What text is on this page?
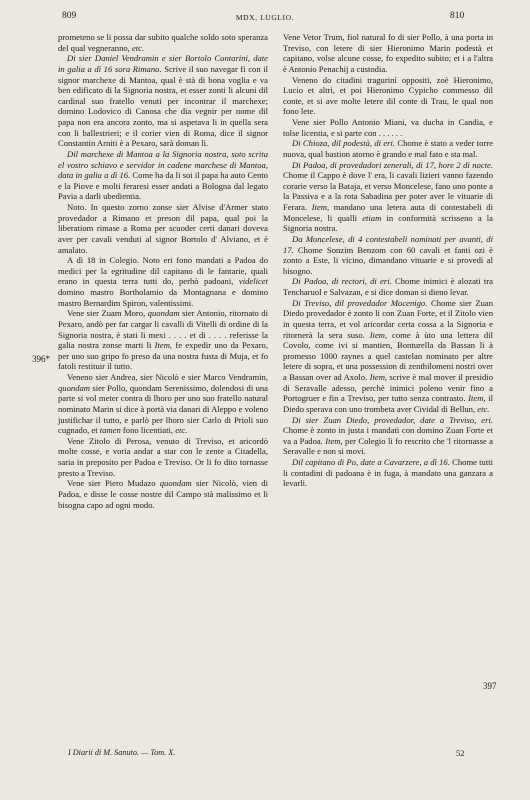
809	MDX, LUGLIO.	810

prometeno se li possa dar subito qualche soldo soto speranza del qual vegneranno, etc.

Di sier Daniel Vendramin e sier Bortolo Contarini, date in galia a dì 16 sora Rimano. Scrive il suo navegar fi con il signor marchexe di Mantoa, qual è stà di bona voglia e va ben edificato di la Signoria nostra, et esser zonti li alcuni dil cardinal suo fratello venuti per incontrar il marchexe; domino Lodovico di Canosa che dia vegnir per nome dil papa non era ancora zonto, ma si aspetava li in quella sera con li ballestrieri; e il corier vien di Roma, dice il signor Constantin Arniti è a Pexaro, sarà doman lì.

Dil marchexe di Mantoa a la Signoria nostra, soto scrita el vostro schiavo e servidor in cadene marchese di Mantoa, data in galia a dì 16. Come ha da li soi il papa ha auto Cento e la Piove e molti feraresi esser andati a Bologna dal legato Pavia a darli ubedientia.

Noto. In questo zorno zonse sier Alvise d'Armer stato provedador a Rimano et preson dil papa, qual poi la liberatiom rimase a Roma per scuoder certi danari doveva aver per cavali venduti al signor Bortolo d' Alviano, et è amalato.

A dì 18 in Colegio. Noto eri fono mandati a Padoa do medici per la egritudine dil capitano di le fantarie, quali erano in questa terra tutti do, perhò padoani, videlicet domino mastro Bortholamio da Montagnana e domino mastro Bernardim Spiron, valentissimi.

Vene sier Zuam Moro, quondam sier Antonio, ritornato di Pexaro, andò per far cargar li cavalli di Vitelli di ordine di la Signoria nostra, è stati li mexi . . . . et di . . . . referisse la galia nostra zonse marti li Item, fe expedir uno da Pexaro, per uno suo gripo fo preso da una nostra fusta di Muja, et fo fatoli restituir il tutto.

Veneno sier Andrea, sier Nicolò e sier Marco Vendramin, quondam sier Pollo, quondam Serenissimo, dolendosi di una parte si vol meter contra di lhoro per uno suo fratello natural nominato Marin si dice à portà via danari di Aleppo e voleno justifichar il tutto, e parlò per lhoro sier Carlo di Prioli suo cugnado, et tamen fono licentiati, etc.

Vene Zitolo di Perosa, venuto di Treviso, et aricordò molte cosse, e voria andar a star con le zente a Citadella, saria in preposito per Padoa e Treviso. Or li fo dito tornasse presto a Treviso.

Vene sier Piero Mudazo quondam sier Nicolò, vien di Padoa, e disse le cosse nostre dil Campo stà malissimo et li bisogna capo ad ogni modo.

Vene Vetor Trum, fiol natural fo di sier Pollo, à una porta in Treviso, con letere di sier Hieronimo Marin podestà et capitano, volse alcune cosse, fo expedito subito; et i a l'altra è Antonio Penachij a custodia.

Veneno do citadini traguriní oppositi, zoè Hieronimo, Lucio et altri, et poi Hieronimo Cypicho commesso dil conte, et si ave molte letere dil conte di Trau, le qual non fono lete.

Vene sier Pollo Antonio Miani, va ducha in Candia, e tolse licentia, e si parte con . . . . . .

Di Chioza, dil podestà, di eri. Chome è stato a veder torre nuova, qual bastion atorno è grando e mal fato e sta mal.

Di Padoa, di provedadori zenerali, di 17, hore 2 di nocte. Chome il Cappo è dove l' era, li cavali lizieri vanno fazendo corarie verso la Bataja, et verso Moncelese, fano uno ponte a la Passiva e a la rota Sabadina per poter aver le vituarie di Ferara. Item, mandano una letera auta di contestabeli di Moncelese, li qualli etiam in conformità scrisseno a la Signoria nostra.

Da Moncelese, di 4 contestabeli nominati per avanti, di 17. Chome Sonzim Benzom con 60 cavali et fanti ozi è zonto a Este, li vicino, dimandano vituarie e si provedi al bisogno.

Di Padoa, di rectori, di eri. Chome inimici è alozati tra Tencharuol e Salvazan, e si dice doman si dieno levar.

Di Treviso, dil provedador Mocenigo. Chome sier Zuan Diedo provedador è zonto li con Zuan Forte, et il Zitolo vien in questa terra, et vol aricordar certa cossa a la Signoria e ritornerà la sera suso. Item, come à ùto una lettera dil Covolo, come ivi si mantien, Bonturella da Bassan li à promesso 1000 raynes a quel castelan nominato per altre letere di sopra, et una possession di zenthilomeni nostri over a Bassan over ad Axolo. Item, scrive è mal mover il presidio di Seravalle adesso, perchè inimici poleno venir fino a Portogruer e fin a Treviso, per tutto senza contrasto. Item, il Diedo sperava con uno trombeta aver Cividal di Bellun, etc.

Di sier Zuan Diedo, provedador, date a Treviso, eri. Chome è zonto in justa i mandati con domino Zuan Forte et va a Padoa. Item, per Colegio li fo rescrito che 'l ritornasse a Seravalle e non si movi.

Dil capitano di Po, date a Cavarzere, a dì 16. Chome tutti li contadini di padoana è in fuga, à mandato una ganzara a levarli.

396*
397
I Diarii di M. Sanuto. — Tom. X.	52
